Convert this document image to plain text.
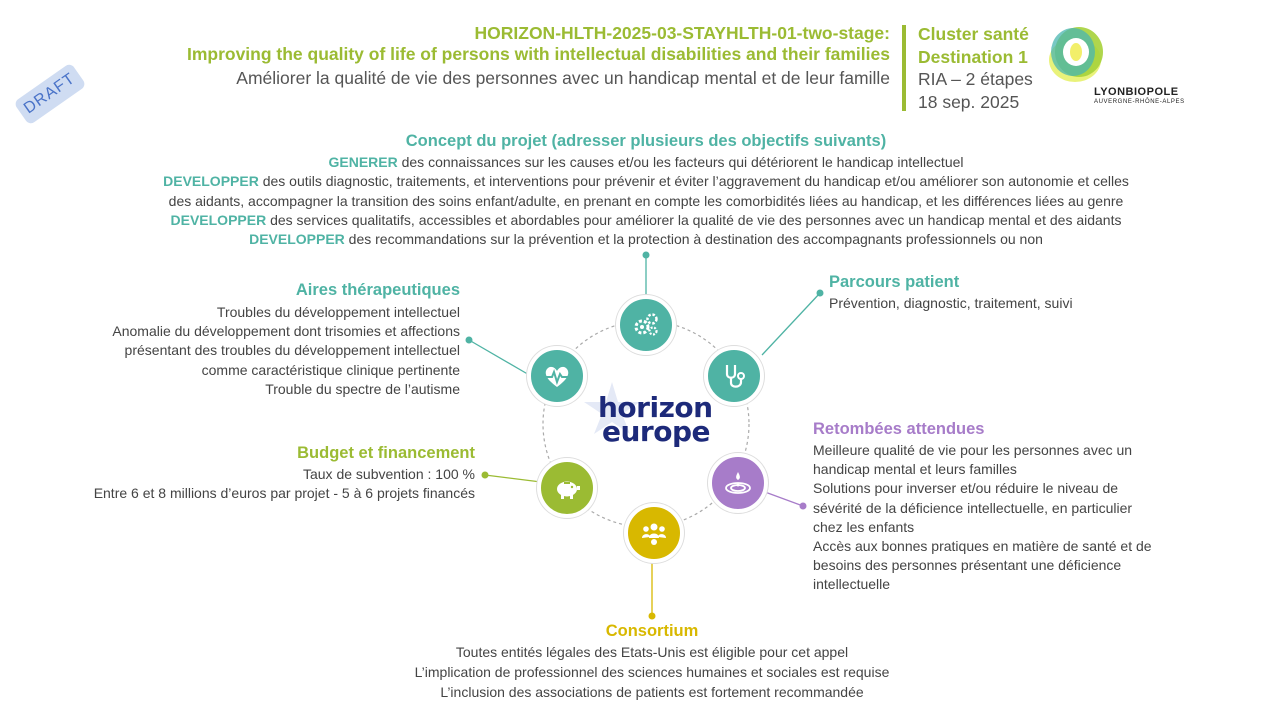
HORIZON-HLTH-2025-03-STAYHLTH-01-two-stage:
Improving the quality of life of persons with intellectual disabilities and their families
Améliorer la qualité de vie des personnes avec un handicap mental et de leur famille
Cluster santé
Destination 1
RIA – 2 étapes
18 sep. 2025
DRAFT	LYONBIOPOLE
AUVERGNE-RHÔNE-ALPES
Concept du projet (adresser plusieurs des objectifs suivants)
GENERER des connaissances sur les causes et/ou les facteurs qui détériorent le handicap intellectuel
DEVELOPPER des outils diagnostic, traitements, et interventions pour prévenir et éviter l’aggravement du handicap et/ou améliorer son autonomie et celles
des aidants, accompagner la transition des soins enfant/adulte, en prenant en compte les comorbidités liées au handicap, et les différences liées au genre
DEVELOPPER des services qualitatifs, accessibles et abordables pour améliorer la qualité de vie des personnes avec un handicap mental et des aidants
DEVELOPPER des recommandations sur la prévention et la protection à destination des accompagnants professionnels ou non
horizon
europe
Aires thérapeutiques
Troubles du développement intellectuel
Anomalie du développement dont trisomies et affections
présentant des troubles du développement intellectuel
comme caractéristique clinique pertinente
Trouble du spectre de l’autisme
Parcours patient
Prévention, diagnostic, traitement, suivi
Budget et financement
Taux de subvention : 100 %
Entre 6 et 8 millions d’euros par projet - 5 à 6 projets financés
Retombées attendues
Meilleure qualité de vie pour les personnes avec un
handicap mental et leurs familles
Solutions pour inverser et/ou réduire le niveau de
sévérité de la déficience intellectuelle, en particulier
chez les enfants
Accès aux bonnes pratiques en matière de santé et de
besoins des personnes présentant une déficience
intellectuelle
Consortium
Toutes entités légales des Etats-Unis est éligible pour cet appel
L’implication de professionnel des sciences humaines et sociales est requise
L’inclusion des associations de patients est fortement recommandée
